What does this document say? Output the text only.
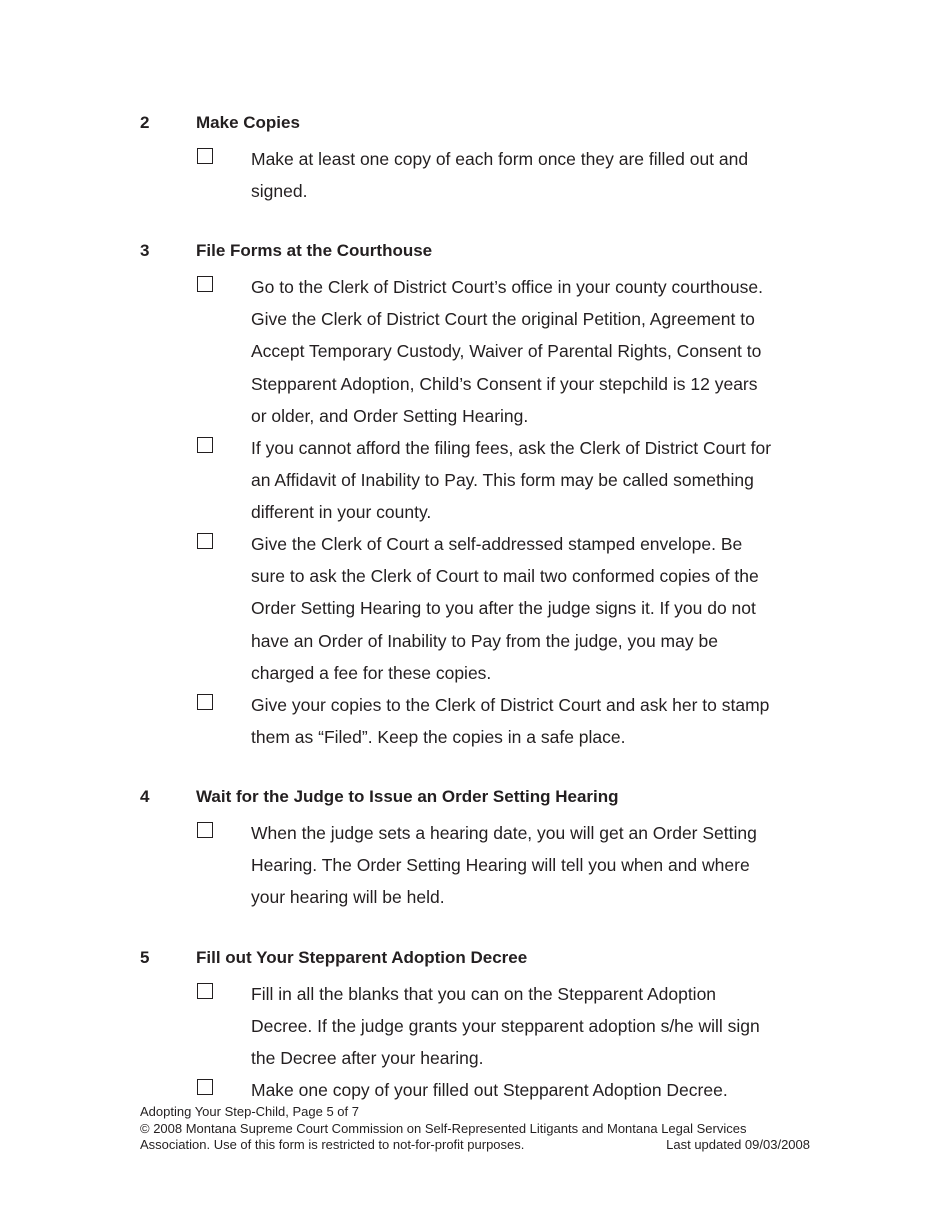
2	Make Copies
Make at least one copy of each form once they are filled out and
signed.
3	File Forms at the Courthouse
Go to the Clerk of District Court’s office in your county courthouse.
Give the Clerk of District Court the original Petition, Agreement to
Accept Temporary Custody, Waiver of Parental Rights, Consent to
Stepparent Adoption, Child’s Consent if your stepchild is 12 years
or older, and Order Setting Hearing.
If you cannot afford the filing fees, ask the Clerk of District Court for
an Affidavit of Inability to Pay. This form may be called something
different in your county.
Give the Clerk of Court a self-addressed stamped envelope. Be
sure to ask the Clerk of Court to mail two conformed copies of the
Order Setting Hearing to you after the judge signs it. If you do not
have an Order of Inability to Pay from the judge, you may be
charged a fee for these copies.
Give your copies to the Clerk of District Court and ask her to stamp
them as “Filed”. Keep the copies in a safe place.
4	Wait for the Judge to Issue an Order Setting Hearing
When the judge sets a hearing date, you will get an Order Setting
Hearing. The Order Setting Hearing will tell you when and where
your hearing will be held.
5	Fill out Your Stepparent Adoption Decree
Fill in all the blanks that you can on the Stepparent Adoption
Decree. If the judge grants your stepparent adoption s/he will sign
the Decree after your hearing.
Make one copy of your filled out Stepparent Adoption Decree.
Adopting Your Step-Child, Page 5 of 7
© 2008 Montana Supreme Court Commission on Self-Represented Litigants and Montana Legal Services
Association. Use of this form is restricted to not-for-profit purposes.	Last updated 09/03/2008
